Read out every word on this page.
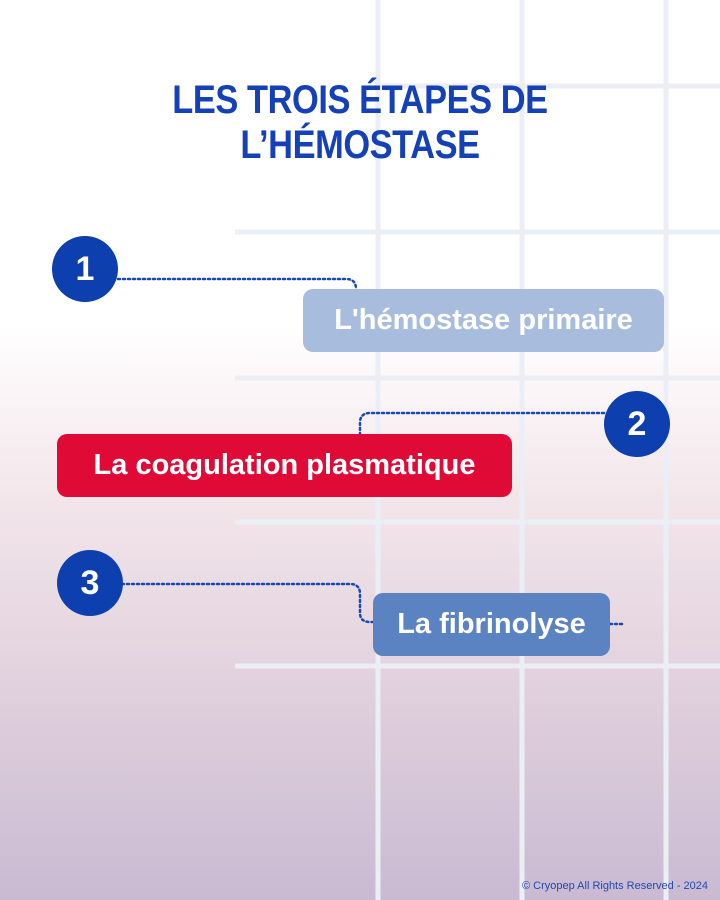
LES TROIS ÉTAPES DE L’HÉMOSTASE
1
L'hémostase primaire
2
La coagulation plasmatique
3
La fibrinolyse
© Cryopep All Rights Reserved - 2024
